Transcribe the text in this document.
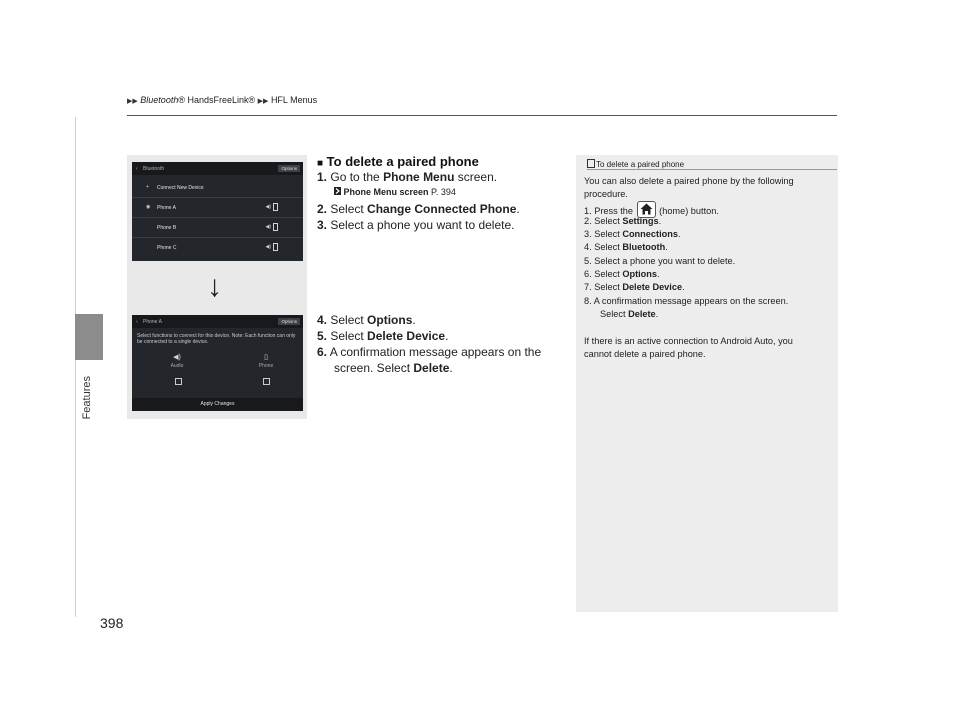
▶▶ Bluetooth® HandsFreeLink® ▶▶ HFL Menus
Features
398
‹ Bluetooth	Options
+ Connect New Device
◉ Phone A	◀)
Phone B	◀)
Phone C	◀)
‹ Phone A	Options
Select functions to connect for this device. Note: Each function can only be connected to a single device.
◀)
Audio
▯
Phone
Apply Changes
↓
■ To delete a paired phone
1. Go to the Phone Menu screen.
Phone Menu screen P. 394
2. Select Change Connected Phone.
3. Select a phone you want to delete.
4. Select Options.
5. Select Delete Device.
6. A confirmation message appears on the
screen. Select Delete.
To delete a paired phone
You can also delete a paired phone by the following
procedure.
1. Press the	(home) button.
2. Select Settings.
3. Select Connections.
4. Select Bluetooth.
5. Select a phone you want to delete.
6. Select Options.
7. Select Delete Device.
8. A confirmation message appears on the screen.
Select Delete.
If there is an active connection to Android Auto, you
cannot delete a paired phone.
